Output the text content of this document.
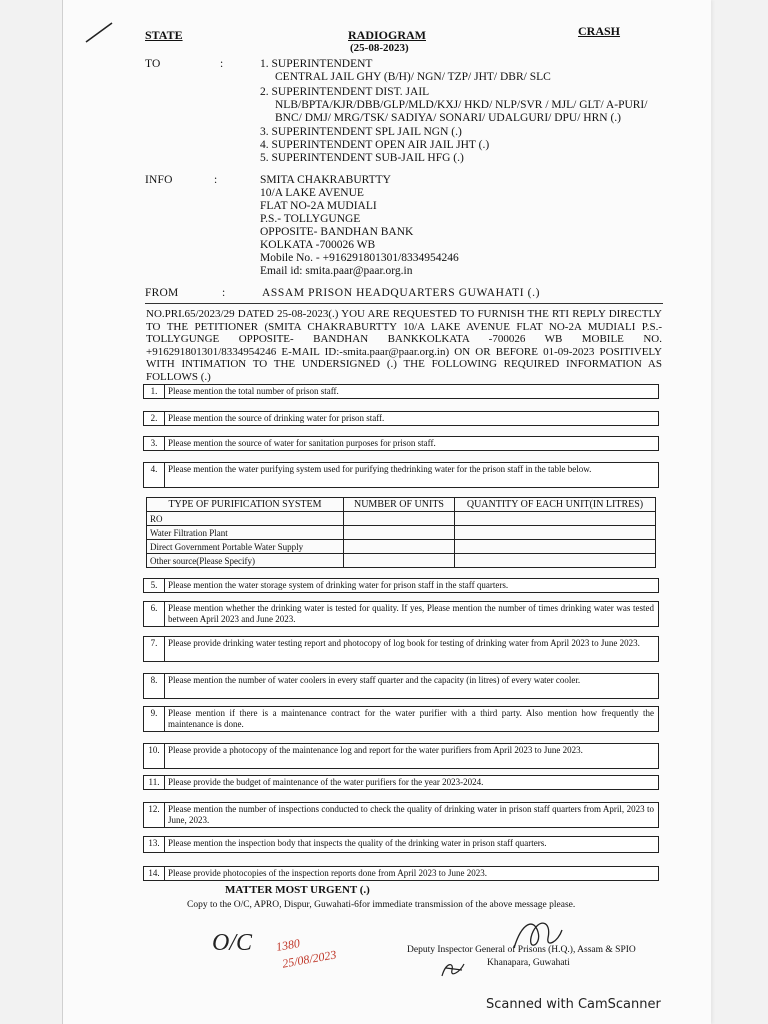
STATE	RADIOGRAM
(25-08-2023)
CRASH
TO	:	1. SUPERINTENDENT
CENTRAL JAIL GHY (B/H)/ NGN/ TZP/ JHT/ DBR/ SLC
2. SUPERINTENDENT DIST. JAIL
NLB/BPTA/KJR/DBB/GLP/MLD/KXJ/ HKD/ NLP/SVR / MJL/ GLT/ A-PURI/
BNC/ DMJ/ MRG/TSK/ SADIYA/ SONARI/ UDALGURI/ DPU/ HRN (.)
3. SUPERINTENDENT SPL JAIL NGN (.)
4. SUPERINTENDENT OPEN AIR JAIL JHT (.)
5. SUPERINTENDENT SUB-JAIL HFG (.)
INFO	:	SMITA CHAKRABURTTY
10/A LAKE AVENUE
FLAT NO-2A MUDIALI
P.S.- TOLLYGUNGE
OPPOSITE- BANDHAN BANK
KOLKATA -700026 WB
Mobile No. - +916291801301/8334954246
Email id: smita.paar@paar.org.in
FROM	:	ASSAM PRISON HEADQUARTERS GUWAHATI (.)
NO.PRI.65/2023/29 DATED 25-08-2023(.) YOU ARE REQUESTED TO FURNISH THE RTI REPLY DIRECTLY TO THE PETITIONER (SMITA CHAKRABURTTY 10/A LAKE AVENUE FLAT NO-2A MUDIALI P.S.- TOLLYGUNGE OPPOSITE- BANDHAN BANKKOLKATA -700026 WB MOBILE NO. +916291801301/8334954246 E-MAIL ID:-smita.paar@paar.org.in) ON OR BEFORE 01-09-2023 POSITIVELY WITH INTIMATION TO THE UNDERSIGNED (.) THE FOLLOWING REQUIRED INFORMATION AS FOLLOWS (.)
1.	Please mention the total number of prison staff.
2.	Please mention the source of drinking water for prison staff.
3.	Please mention the source of water for sanitation purposes for prison staff.
4.	Please mention the water purifying system used for purifying thedrinking water for the prison staff in the table below.
TYPE OF PURIFICATION SYSTEM	NUMBER OF UNITS	QUANTITY OF EACH UNIT(IN LITRES)
RO		
Water Filtration Plant		
Direct Government Portable Water Supply		
Other source(Please Specify)		
5.	Please mention the water storage system of drinking water for prison staff in the staff quarters.
6.	Please mention whether the drinking water is tested for quality. If yes, Please mention the number of times drinking water was tested between April 2023 and June 2023.
7.	Please provide drinking water testing report and photocopy of log book for testing of drinking water from April 2023 to June 2023.
8.	Please mention the number of water coolers in every staff quarter and the capacity (in litres) of every water cooler.
9.	Please mention if there is a maintenance contract for the water purifier with a third party. Also mention how frequently the maintenance is done.
10. Please provide a photocopy of the maintenance log and report for the water purifiers from April 2023 to June 2023.
11. Please provide the budget of maintenance of the water purifiers for the year 2023-2024.
12. Please mention the number of inspections conducted to check the quality of drinking water in prison staff quarters from April, 2023 to June, 2023.
13. Please mention the inspection body that inspects the quality of the drinking water in prison staff quarters.
14. Please provide photocopies of the inspection reports done from April 2023 to June 2023.
MATTER MOST URGENT (.)
Copy to the O/C, APRO, Dispur, Guwahati-6for immediate transmission of the above message please.
O/C 1380
25/08/2023	Deputy Inspector General of Prisons (H.Q.), Assam & SPIO
Khanapara, Guwahati
Scanned with CamScanner
